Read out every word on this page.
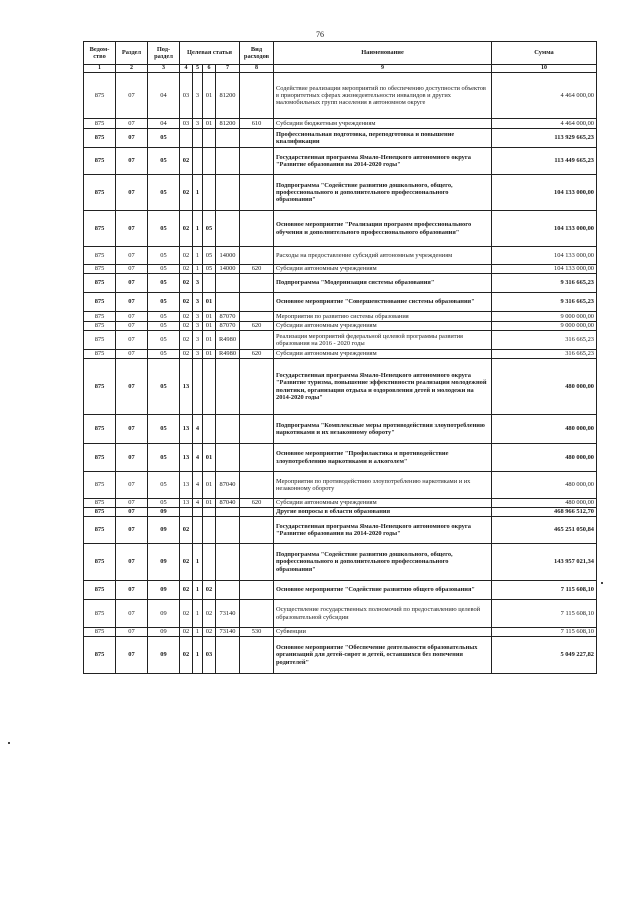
76
Ведом-ство	Раздел	Под-раздел	Целевая статья				Вид расходов	Наименование	Сумма
1	2	3	4	5	6	7	8	9	10
875	07	04	03	3	01	81200		Содействие реализации мероприятий по обеспечению доступности объектов в приоритетных сферах жизнедеятельности инвалидов и других маломобильных групп населения в автономном округе	4 464 000,00
875	07	04	03	3	01	81200	610	Субсидии бюджетным учреждениям	4 464 000,00
875	07	05						Профессиональная подготовка, переподготовка и повышение квалификации	113 929 665,23
875	07	05	02					Государственная программа Ямало-Ненецкого автономного округа "Развитие образования на 2014-2020 годы"	113 449 665,23
875	07	05	02	1				Подпрограмма "Содействие развитию дошкольного, общего, профессионального и дополнительного профессионального образования"	104 133 000,00
875	07	05	02	1	05			Основное мероприятие "Реализация программ профессионального обучения и дополнительного профессионального образования"	104 133 000,00
875	07	05	02	1	05	14000		Расходы на предоставление субсидий автономным учреждениям	104 133 000,00
875	07	05	02	1	05	14000	620	Субсидии автономным учреждениям	104 133 000,00
875	07	05	02	3				Подпрограмма "Модернизация системы образования"	9 316 665,23
875	07	05	02	3	01			Основное мероприятие "Совершенствование системы образования"	9 316 665,23
875	07	05	02	3	01	87070		Мероприятия по развитию системы образования	9 000 000,00
875	07	05	02	3	01	87070	620	Субсидии автономным учреждениям	9 000 000,00
875	07	05	02	3	01	R4980		Реализация мероприятий федеральной целевой программы развития образования на 2016 - 2020 годы	316 665,23
875	07	05	02	3	01	R4980	620	Субсидии автономным учреждениям	316 665,23
875	07	05	13					Государственная программа Ямало-Ненецкого автономного округа "Развитие туризма, повышение эффективности реализации молодежной политики, организация отдыха и оздоровления детей и молодежи на 2014-2020 годы"	480 000,00
875	07	05	13	4				Подпрограмма "Комплексные меры противодействия злоупотреблению наркотиками и их незаконному обороту"	480 000,00
875	07	05	13	4	01			Основное мероприятие "Профилактика и противодействие злоупотреблению наркотиками и алкоголем"	480 000,00
875	07	05	13	4	01	87040		Мероприятия по противодействию злоупотреблению наркотиками и их незаконному обороту	480 000,00
875	07	05	13	4	01	87040	620	Субсидии автономным учреждениям	480 000,00
875	07	09						Другие вопросы в области образования	468 966 512,70
875	07	09	02					Государственная программа Ямало-Ненецкого автономного округа "Развитие образования на 2014-2020 годы"	465 251 050,84
875	07	09	02	1				Подпрограмма "Содействие развитию дошкольного, общего, профессионального и дополнительного профессионального образования"	143 957 021,34
875	07	09	02	1	02			Основное мероприятие "Содействие развитию общего образования"	7 115 608,10
875	07	09	02	1	02	73140		Осуществление государственных полномочий по предоставлению целевой образовательной субсидии	7 115 608,10
875	07	09	02	1	02	73140	530	Субвенции	7 115 608,10
875	07	09	02	1	03			Основное мероприятие "Обеспечение деятельности образовательных организаций для детей-сирот и детей, оставшихся без попечения родителей"	5 049 227,82
